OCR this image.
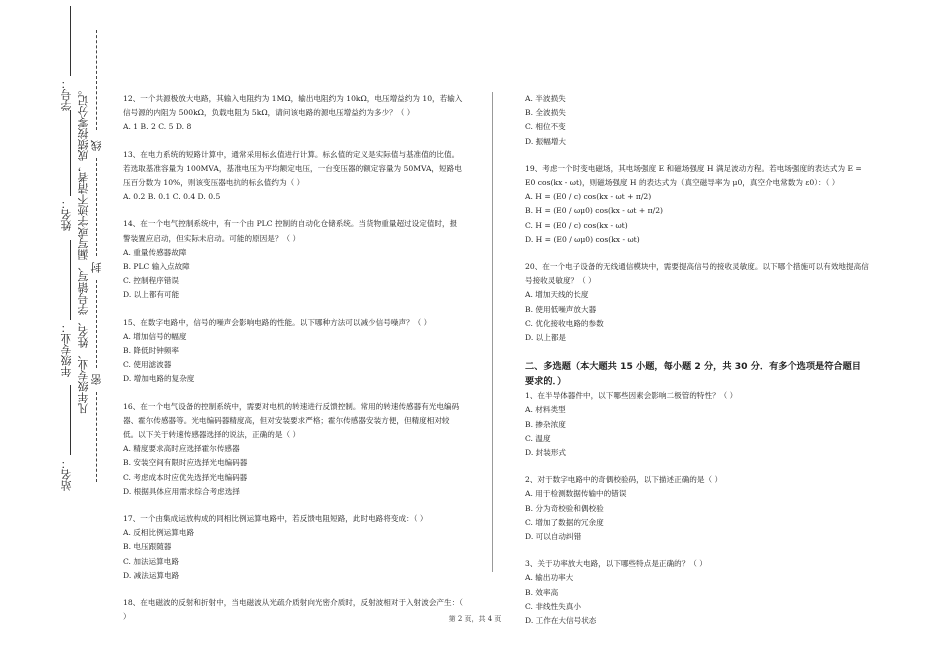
学号：
姓名：
年级专业：
站名：
凡年级专业、姓名、学号错写、漏写或字迹不清者，成绩按零分记。 线
封
密

12、一个共源极放大电路，其输入电阻约为 1MΩ，输出电阻约为 10kΩ，电压增益约为 10，若输入信号源的内阻为 500kΩ，负载电阻为 5kΩ，请问该电路的源电压增益约为多少？（ ）

A. 1 B. 2 C. 5 D. 8

13、在电力系统的短路计算中，通常采用标幺值进行计算。标幺值的定义是实际值与基准值的比值。若选取基准容量为 100MVA，基准电压为平均额定电压，一台变压器的额定容量为 50MVA，短路电压百分数为 10%，则该变压器电抗的标幺值约为（ ）

A. 0.2 B. 0.1 C. 0.4 D. 0.5

14、在一个电气控制系统中，有一个由 PLC 控制的自动化仓储系统。当货物重量超过设定值时，报警装置应启动，但实际未启动。可能的原因是？（ ）

A. 重量传感器故障

B. PLC 输入点故障

C. 控制程序错误

D. 以上都有可能

15、在数字电路中，信号的噪声会影响电路的性能。以下哪种方法可以减少信号噪声？（ ）

A. 增加信号的幅度

B. 降低时钟频率

C. 使用滤波器

D. 增加电路的复杂度

16、在一个电气设备的控制系统中，需要对电机的转速进行反馈控制。常用的转速传感器有光电编码器、霍尔传感器等。光电编码器精度高，但对安装要求严格；霍尔传感器安装方便，但精度相对较低。以下关于转速传感器选择的说法，正确的是（ ）

A. 精度要求高时应选择霍尔传感器

B. 安装空间有限时应选择光电编码器

C. 考虑成本时应优先选择光电编码器

D. 根据具体应用需求综合考虑选择

17、一个由集成运放构成的同相比例运算电路中，若反馈电阻短路，此时电路将变成：（ ）

A. 反相比例运算电路

B. 电压跟随器

C. 加法运算电路

D. 减法运算电路

18、在电磁波的反射和折射中，当电磁波从光疏介质射向光密介质时，反射波相对于入射波会产生：（ ）

A. 半波损失

B. 全波损失

C. 相位不变

D. 振幅增大

19、考虑一个时变电磁场，其电场强度 E 和磁场强度 H 满足波动方程。若电场强度的表达式为 E = E0 cos(kx - ωt)，则磁场强度 H 的表达式为（真空磁导率为 μ0，真空介电常数为 ε0）：（ ）

A. H = (E0 / c) cos(kx - ωt + π/2)

B. H = (E0 / ωμ0) cos(kx - ωt + π/2)

C. H = (E0 / c) cos(kx - ωt)

D. H = (E0 / ωμ0) cos(kx - ωt)

20、在一个电子设备的无线通信模块中，需要提高信号的接收灵敏度。以下哪个措施可以有效地提高信号接收灵敏度？（ ）

A. 增加天线的长度

B. 使用低噪声放大器

C. 优化接收电路的参数

D. 以上都是

二、多选题（本大题共 15 小题，每小题 2 分，共 30 分．有多个选项是符合题目要求的．）

1、在半导体器件中，以下哪些因素会影响二极管的特性？（ ）

A. 材料类型

B. 掺杂浓度

C. 温度

D. 封装形式

2、对于数字电路中的奇偶校验码，以下描述正确的是（ ）

A. 用于检测数据传输中的错误

B. 分为奇校验和偶校验

C. 增加了数据的冗余度

D. 可以自动纠错

3、关于功率放大电路，以下哪些特点是正确的？（ ）

A. 输出功率大

B. 效率高

C. 非线性失真小

D. 工作在大信号状态

第 2 页，共 4 页
